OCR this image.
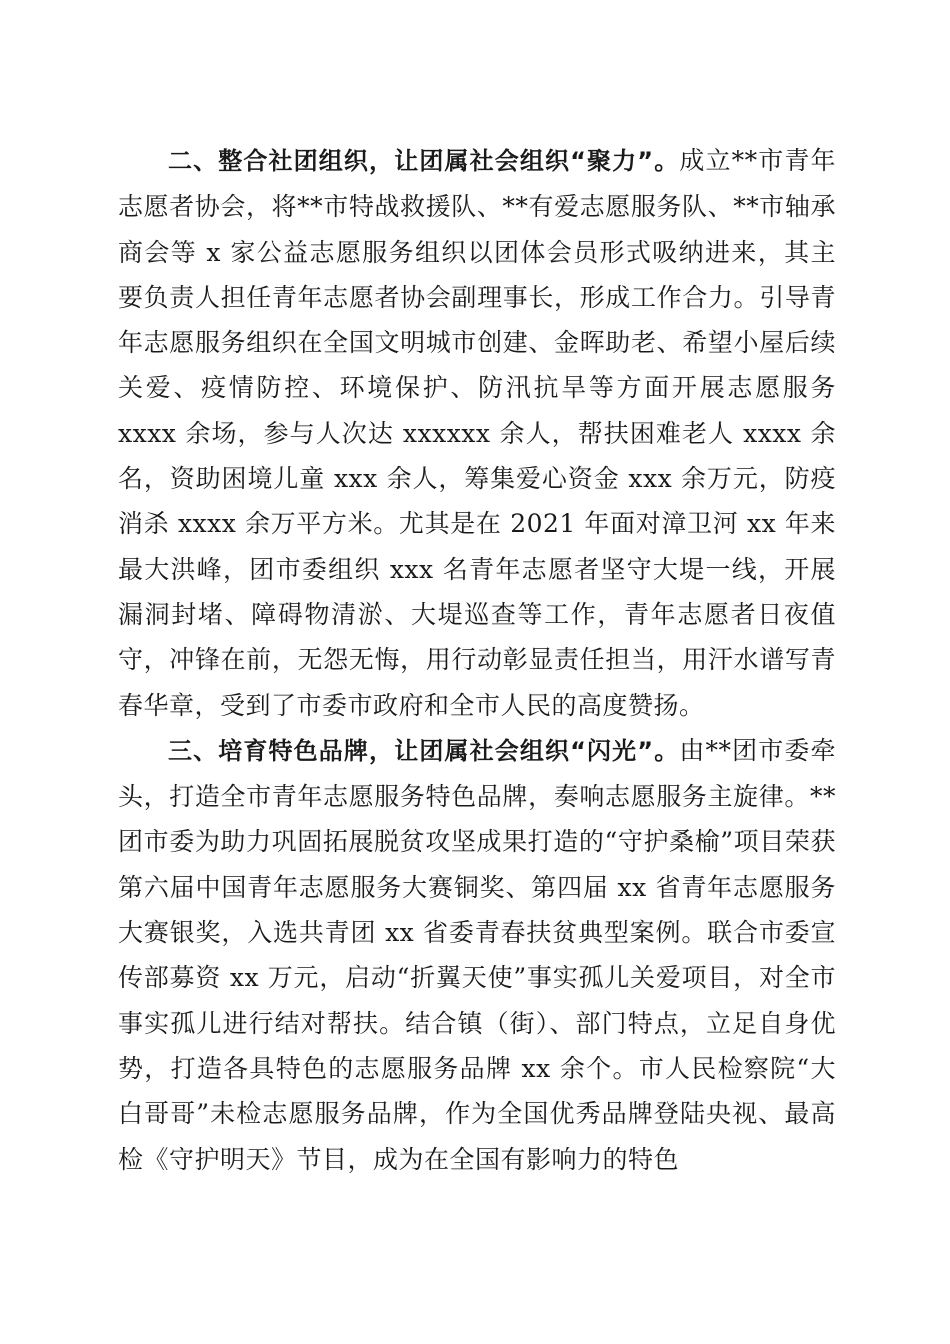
二、整合社团组织，让团属社会组织“聚力”。成立**市青年志愿者协会，将**市特战救援队、**有爱志愿服务队、**市轴承商会等 x 家公益志愿服务组织以团体会员形式吸纳进来，其主要负责人担任青年志愿者协会副理事长，形成工作合力。引导青年志愿服务组织在全国文明城市创建、金晖助老、希望小屋后续关爱、疫情防控、环境保护、防汛抗旱等方面开展志愿服务 xxxx 余场，参与人次达 xxxxxx 余人，帮扶困难老人 xxxx 余名，资助困境儿童 xxx 余人，筹集爱心资金 xxx 余万元，防疫消杀 xxxx 余万平方米。尤其是在 2021 年面对漳卫河 xx 年来最大洪峰，团市委组织 xxx 名青年志愿者坚守大堤一线，开展漏洞封堵、障碍物清淤、大堤巡查等工作，青年志愿者日夜值守，冲锋在前，无怨无悔，用行动彰显责任担当，用汗水谱写青春华章，受到了市委市政府和全市人民的高度赞扬。

三、培育特色品牌，让团属社会组织“闪光”。由**团市委牵头，打造全市青年志愿服务特色品牌，奏响志愿服务主旋律。**团市委为助力巩固拓展脱贫攻坚成果打造的“守护桑榆”项目荣获第六届中国青年志愿服务大赛铜奖、第四届 xx 省青年志愿服务大赛银奖，入选共青团 xx 省委青春扶贫典型案例。联合市委宣传部募资 xx 万元，启动“折翼天使”事实孤儿关爱项目，对全市事实孤儿进行结对帮扶。结合镇（街）、部门特点，立足自身优势，打造各具特色的志愿服务品牌 xx 余个。市人民检察院“大白哥哥”未检志愿服务品牌，作为全国优秀品牌登陆央视、最高检《守护明天》节目，成为在全国有影响力的特色
